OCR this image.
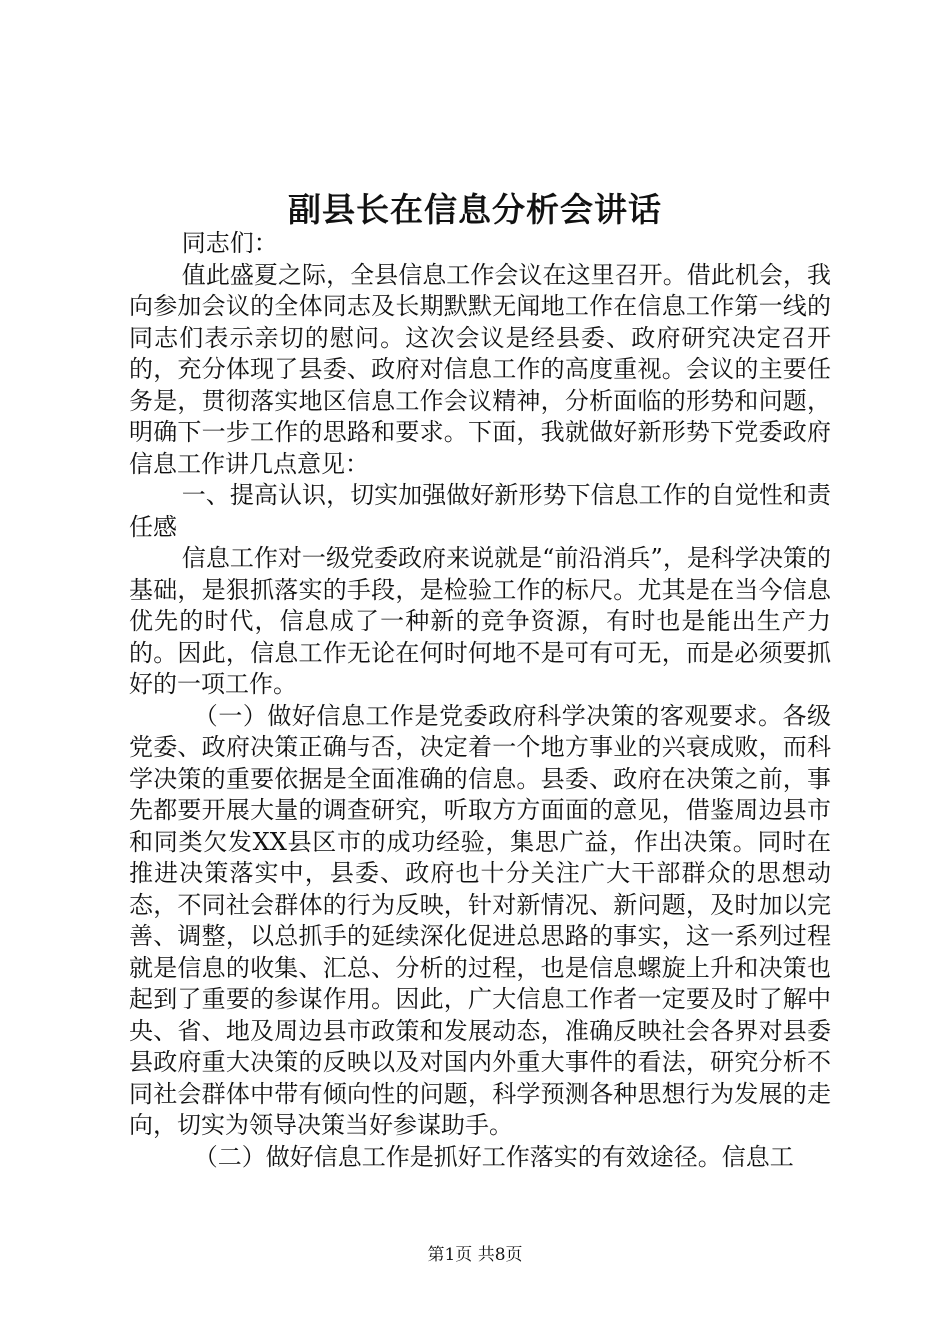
副县长在信息分析会讲话

同志们：

值此盛夏之际，全县信息工作会议在这里召开。借此机会，我向参加会议的全体同志及长期默默无闻地工作在信息工作第一线的同志们表示亲切的慰问。这次会议是经县委、政府研究决定召开的，充分体现了县委、政府对信息工作的高度重视。会议的主要任务是，贯彻落实地区信息工作会议精神，分析面临的形势和问题，明确下一步工作的思路和要求。下面，我就做好新形势下党委政府信息工作讲几点意见：

一、提高认识，切实加强做好新形势下信息工作的自觉性和责任感

信息工作对一级党委政府来说就是“前沿消兵”，是科学决策的基础，是狠抓落实的手段，是检验工作的标尺。尤其是在当今信息优先的时代，信息成了一种新的竞争资源，有时也是能出生产力的。因此，信息工作无论在何时何地不是可有可无，而是必须要抓好的一项工作。

（一）做好信息工作是党委政府科学决策的客观要求。各级党委、政府决策正确与否，决定着一个地方事业的兴衰成败，而科学决策的重要依据是全面准确的信息。县委、政府在决策之前，事先都要开展大量的调查研究，听取方方面面的意见，借鉴周边县市和同类欠发XX县区市的成功经验，集思广益，作出决策。同时在推进决策落实中，县委、政府也十分关注广大干部群众的思想动态，不同社会群体的行为反映，针对新情况、新问题，及时加以完善、调整，以总抓手的延续深化促进总思路的事实，这一系列过程就是信息的收集、汇总、分析的过程，也是信息螺旋上升和决策也起到了重要的参谋作用。因此，广大信息工作者一定要及时了解中央、省、地及周边县市政策和发展动态，准确反映社会各界对县委县政府重大决策的反映以及对国内外重大事件的看法，研究分析不同社会群体中带有倾向性的问题，科学预测各种思想行为发展的走向，切实为领导决策当好参谋助手。

（二）做好信息工作是抓好工作落实的有效途径。信息工

第1页 共8页
